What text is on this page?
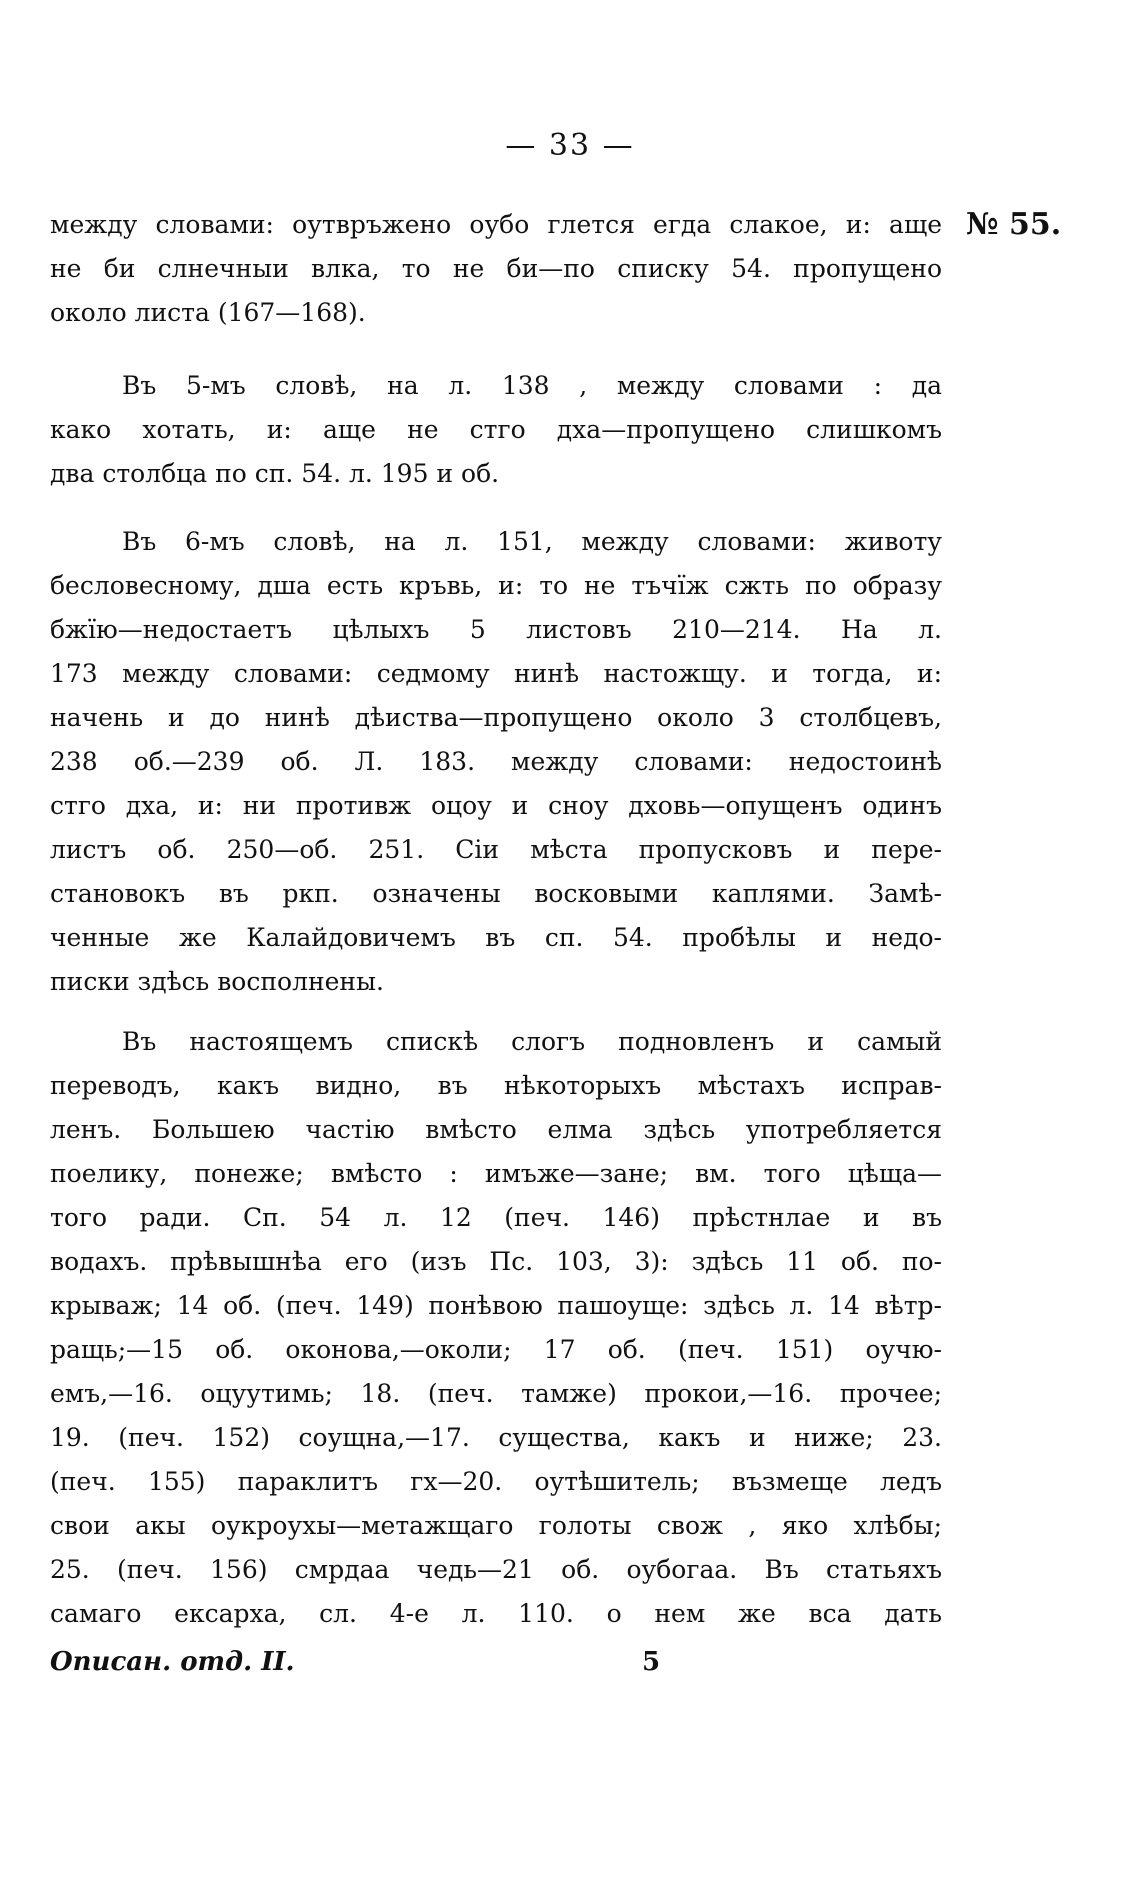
— 33 —
№ 55.
между словами: оутвръжено оубо глется егда слакое, и: аще
не би слнечныи влка, то не би—по списку 54. пропущено
около листа (167—168).
Въ 5-мъ словѣ, на л. 138 , между словами : да
како хотать, и: аще не стго дха—пропущено слишкомъ
два столбца по сп. 54. л. 195 и об.
Въ 6-мъ словѣ, на л. 151, между словами: животу
бесловесному, дша есть кръвь, и: то не тъчїж сжть по образу
бжїю—недостаетъ цѣлыхъ 5 листовъ 210—214. На л.
173 между словами: седмому нинѣ настожщу. и тогда, и:
начень и до нинѣ дѣиства—пропущено около 3 столбцевъ,
238 об.—239 об. Л. 183. между словами: недостоинѣ
стго дха, и: ни противж оцоу и снoу дховь—опущенъ одинъ
листъ об. 250—об. 251. Сiи мѣста пропусковъ и пере-
становокъ въ ркп. означены восковыми каплями. Замѣ-
ченные же Калайдовичемъ въ сп. 54. пробѣлы и недо-
писки здѣсь восполнены.
Въ настоящемъ спискѣ слогъ подновленъ и самый
переводъ, какъ видно, въ нѣкоторыхъ мѣстахъ исправ-
ленъ. Большею частiю вмѣсто елма здѣсь употребляется
поелику, понеже; вмѣсто : имъже—зане; вм. того цѣща—
того ради. Сп. 54 л. 12 (печ. 146) прѣстнлае и въ
водахъ. прѣвышнѣа его (изъ Пс. 103, 3): здѣсь 11 об. по-
крываж; 14 об. (печ. 149) понѣвою пашоуще: здѣсь л. 14 вѣтр-
ращь;—15 об. оконова,—околи; 17 об. (печ. 151) оучю-
емъ,—16. оцуутимь; 18. (печ. тамже) прокои,—16. прочее;
19. (печ. 152) соущна,—17. существа, какъ и ниже; 23.
(печ. 155) параклитъ гх—20. оутѣшитель; възмеще ледъ
свои акы оукроухы—метажщаго голоты свож , яко хлѣбы;
25. (печ. 156) смрдаа чедь—21 об. оубогаа. Въ статьяхъ
самаго ексарха, сл. 4-е л. 110. о нем же вса дать
Описан. отд. II.	5
